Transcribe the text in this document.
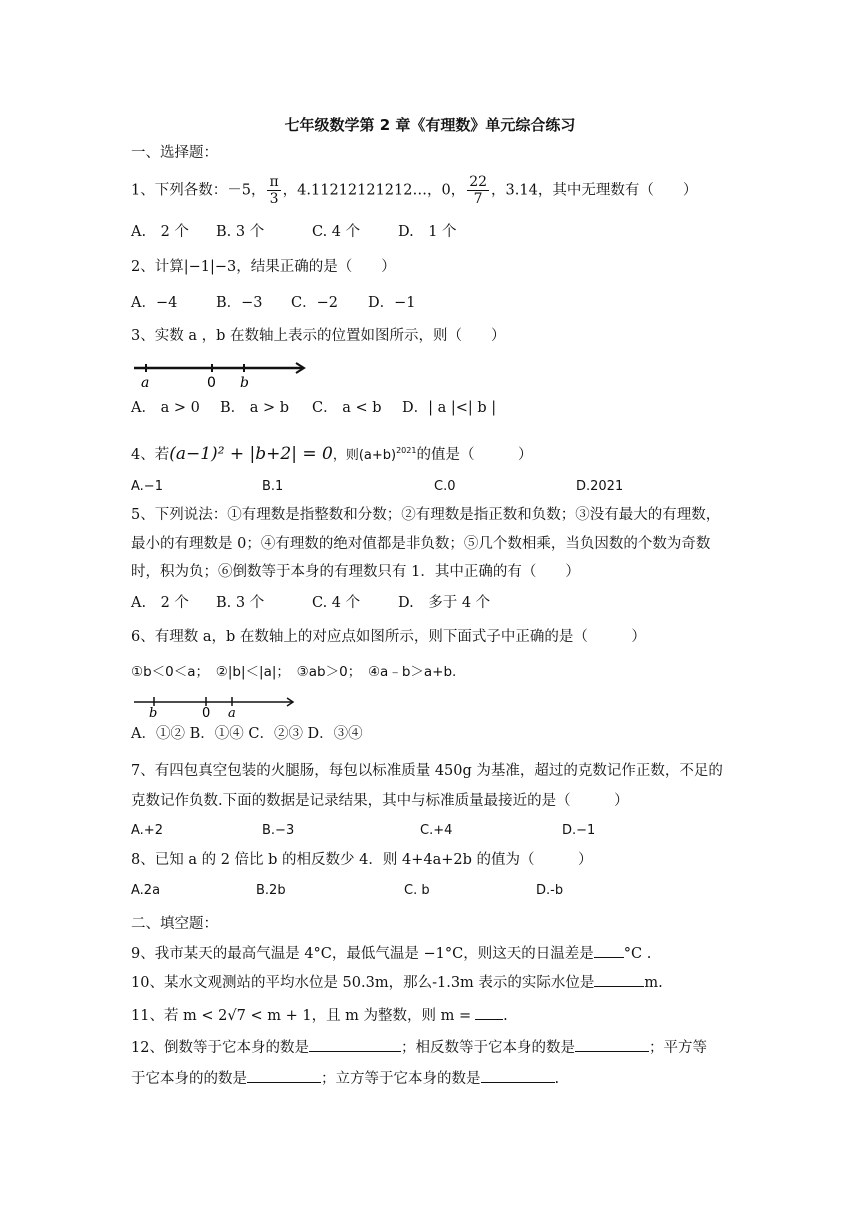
七年级数学第 2 章《有理数》单元综合练习
一、选择题：
1、下列各数：－5， $\frac{\pi}{3}$ ，4.11212121212…，0， $\frac{22}{7}$ ，3.14，其中无理数有（　　）
A.　2 个 B. 3 个	C. 4 个	D.　1 个
2、计算|−1|−3，结果正确的是（　　）
A．−4	B．−3 C．−2 D．−1
3、实数 a ，b 在数轴上表示的位置如图所示，则（　　）
a	0 b
A． a > 0 B． a > b C． a < b D．| a |<| b |
4、若(a−1)² + |b+2| = 0，则$(a+b)^{2021}$的值是（　　　）
A.−1	B.1	C.0	D.2021
5、下列说法：①有理数是指整数和分数；②有理数是指正数和负数；③没有最大的有理数，
最小的有理数是 0；④有理数的绝对值都是非负数；⑤几个数相乘，当负因数的个数为奇数
时，积为负；⑥倒数等于本身的有理数只有 1．其中正确的有（　　）
A.　2 个 B. 3 个	C. 4 个	D.　多于 4 个
6、有理数 a，b 在数轴上的对应点如图所示，则下面式子中正确的是（　　　）
①b＜0＜a；　②|b|＜|a|；　③ab＞0；　④a﹣b＞a+b.
b	0 a
A．①② B．①④ C．②③ D．③④
7、有四包真空包装的火腿肠，每包以标准质量 450g 为基准，超过的克数记作正数，不足的
克数记作负数.下面的数据是记录结果，其中与标准质量最接近的是（　　　）
A.+2	B.−3	C.+4	D.−1
8、已知 a 的 2 倍比 b 的相反数少 4．则 4+4a+2b 的值为（　　　）
A.2a	B.2b	C. b	D.-b
二、填空题：
9、我市某天的最高气温是 4°C，最低气温是 −1°C，则这天的日温差是 °C .
10、某水文观测站的平均水位是 50.3m，那么-1.3m 表示的实际水位是	m.
11、若 m < 2√7 < m + 1，且 m 为整数，则 m = .
12、倒数等于它本身的数是	；相反数等于它本身的数是	；平方等
于它本身的的数是	；立方等于它本身的数是	.
